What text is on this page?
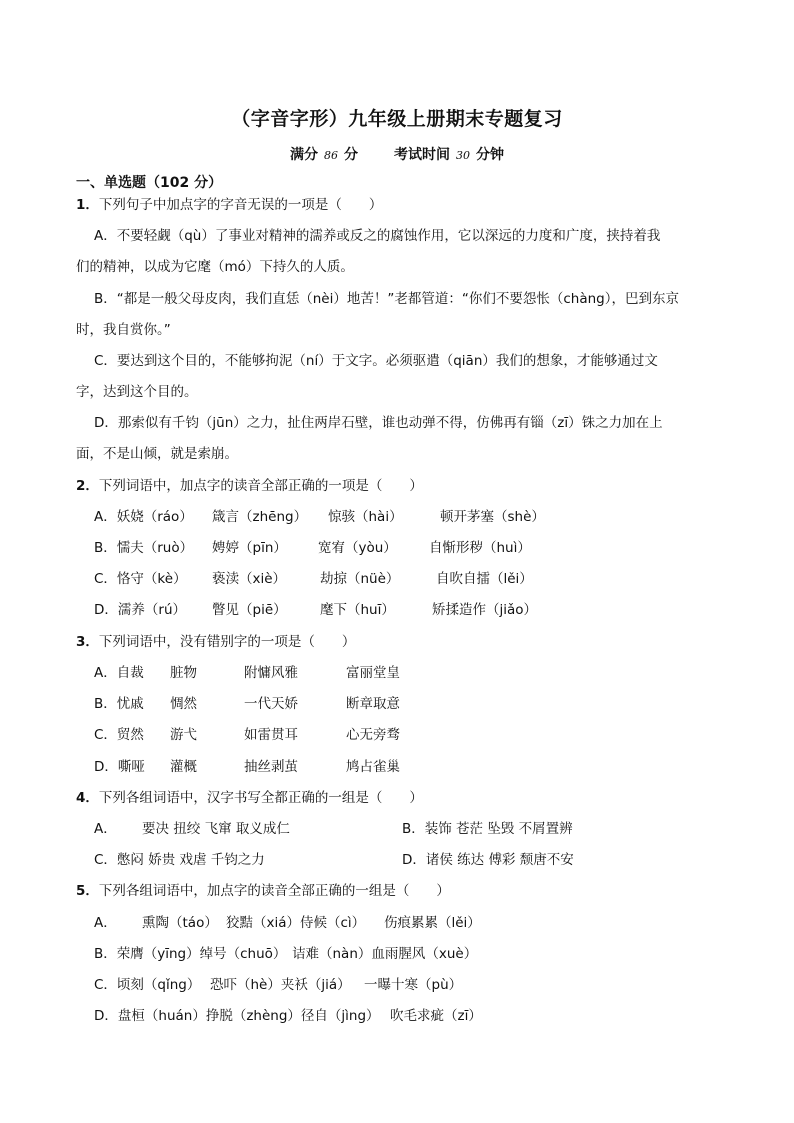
（字音字形）九年级上册期末专题复习
满分 86 分	考试时间 30 分钟
一、单选题（102 分）
1．下列句子中加点字的字音无误的一项是（　　）
A．不要轻觑（qù）了事业对精神的濡养或反之的腐蚀作用，它以深远的力度和广度，挟持着我
们的精神，以成为它麾（mó）下持久的人质。
B．“都是一般父母皮肉，我们直恁（nèi）地苦！”老都管道：“你们不要怨怅（chàng），巴到东京
时，我自赏你。”
C．要达到这个目的，不能够拘泥（ní）于文字。必须驱遣（qiān）我们的想象，才能够通过文
字，达到这个目的。
D．那索似有千钧（jūn）之力，扯住两岸石壁，谁也动弹不得，仿佛再有锱（zī）铢之力加在上
面，不是山倾，就是索崩。
2．下列词语中，加点字的读音全部正确的一项是（　　）
A．妖娆（ráo） 箴言（zhēng） 惊骇（hài）	顿开茅塞（shè）
B．懦夫（ruò） 娉婷（pīn） 宽宥（yòu） 自惭形秽（huì）
C．恪守（kè） 亵渎（xiè）	劫掠（nüè）	自吹自擂（lěi）
D．濡养（rú） 瞥见（piē） 麾下（huī）	矫揉造作（jiǎo）
3．下列词语中，没有错别字的一项是（　　）
A．自裁 脏物	附慵风雅	富丽堂皇
B．忧戚 惆然	一代天娇	断章取意
C．贸然 游弋	如雷贯耳	心无旁骛
D．嘶哑 灌概	抽丝剥茧	鸠占雀巢
4．下列各组词语中，汉字书写全都正确的一组是（　　）
A． 要决 扭绞 飞窜 取义成仁	B．装饰 苍茫 坠毁 不屑置辨
C．憋闷 娇贵 戏虐 千钧之力	D．诸侯 练达 傅彩 颓唐不安
5．下列各组词语中，加点字的读音全部正确的一组是（　　）
A． 熏陶（táo） 狡黠（xiá）侍候（cì） 伤痕累累（lěi）
B．荣膺（yīng）绰号（chuō） 诘难（nàn）血雨腥风（xuè）
C．顷刻（qǐng） 恐吓（hè）夹袄（jiá） 一曝十寒（pù）
D．盘桓（huán）挣脱（zhèng）径自（jìng） 吹毛求疵（zī）
